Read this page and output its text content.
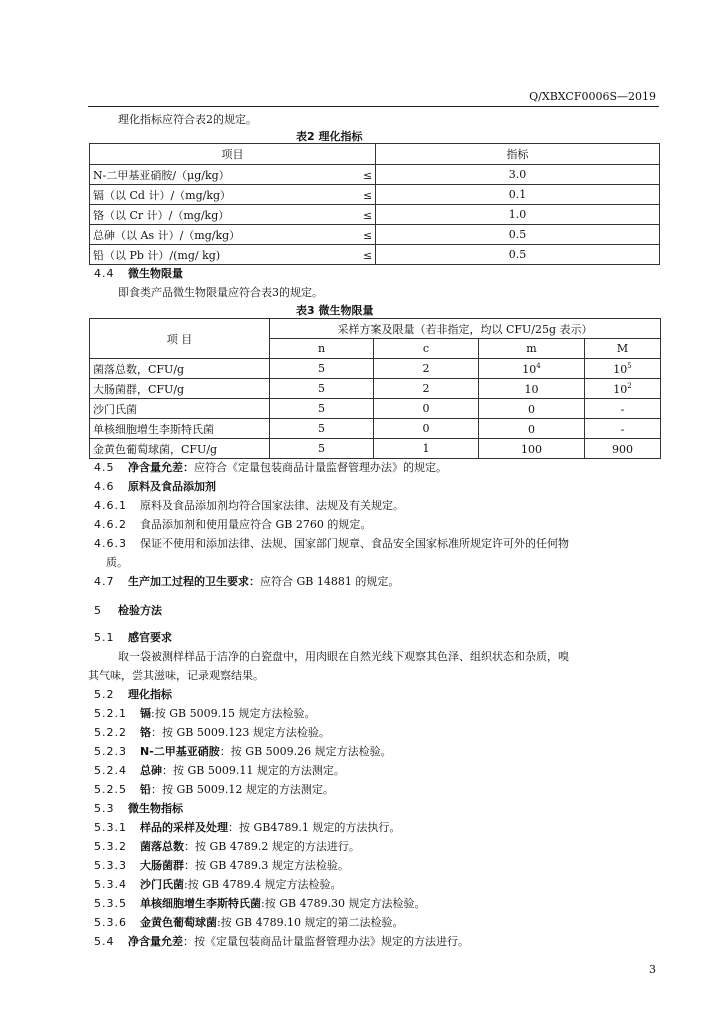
Q/XBXCF0006S—2019
理化指标应符合表2的规定。
表2 理化指标
项目	指标
N-二甲基亚硝胺/（μg/kg） ≤	3.0
镉（以 Cd 计）/（mg/kg） ≤	0.1
铬（以 Cr 计）/（mg/kg） ≤	1.0
总砷（以 As 计）/（mg/kg） ≤	0.5
铅（以 Pb 计）/(mg/ kg) ≤	0.5
4.4 微生物限量
即食类产品微生物限量应符合表3的规定。
表3 微生物限量
项 目	采样方案及限量（若非指定，均以 CFU/25g 表示）			
	n	c	m	M
菌落总数，CFU/g	5	2	$10^4$	$10^5$
大肠菌群，CFU/g	5	2	10	$10^2$
沙门氏菌	5	0	0	-
单核细胞增生李斯特氏菌	5	0	0	-
金黄色葡萄球菌，CFU/g	5	1	100	900
4.5 净含量允差：应符合《定量包装商品计量监督管理办法》的规定。
4.6 原料及食品添加剂
4.6.1 原料及食品添加剂均符合国家法律、法规及有关规定。
4.6.2 食品添加剂和使用量应符合 GB 2760 的规定。
4.6.3 保证不使用和添加法律、法规、国家部门规章、食品安全国家标准所规定许可外的任何物
质。
4.7 生产加工过程的卫生要求：应符合 GB 14881 的规定。
5 检验方法
5.1 感官要求
取一袋被测样样品于洁净的白瓷盘中，用肉眼在自然光线下观察其色泽、组织状态和杂质，嗅
其气味，尝其滋味，记录观察结果。
5.2 理化指标
5.2.1 镉:按 GB 5009.15 规定方法检验。
5.2.2 铬：按 GB 5009.123 规定方法检验。
5.2.3 N-二甲基亚硝胺：按 GB 5009.26 规定方法检验。
5.2.4 总砷：按 GB 5009.11 规定的方法测定。
5.2.5 铅：按 GB 5009.12 规定的方法测定。
5.3 微生物指标
5.3.1 样品的采样及处理：按 GB4789.1 规定的方法执行。
5.3.2 菌落总数：按 GB 4789.2 规定的方法进行。
5.3.3 大肠菌群：按 GB 4789.3 规定方法检验。
5.3.4 沙门氏菌:按 GB 4789.4 规定方法检验。
5.3.5 单核细胞增生李斯特氏菌:按 GB 4789.30 规定方法检验。
5.3.6 金黄色葡萄球菌:按 GB 4789.10 规定的第二法检验。
5.4 净含量允差：按《定量包装商品计量监督管理办法》规定的方法进行。
3
